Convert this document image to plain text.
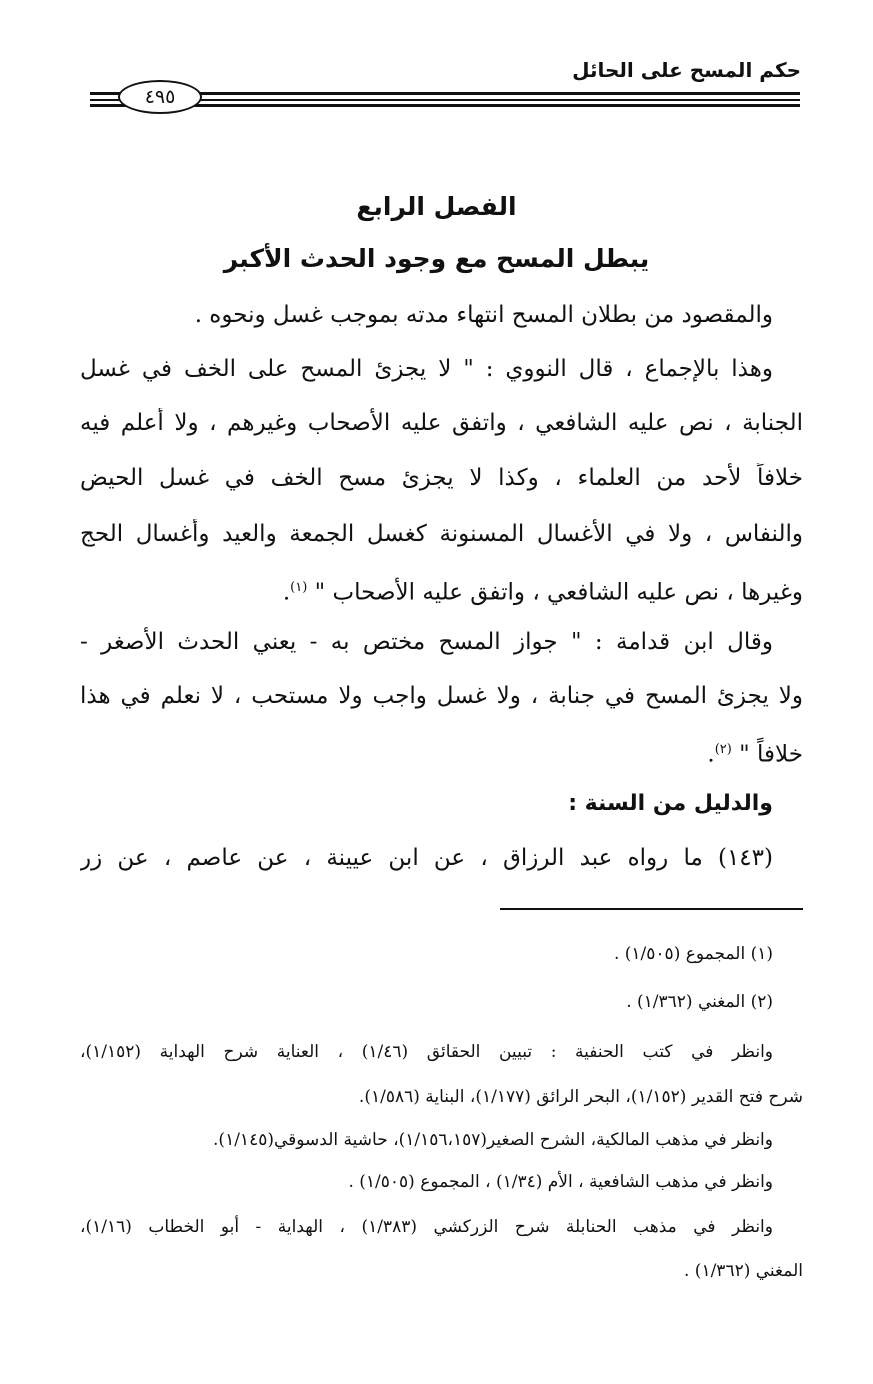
حكم المسح على الحائل
٤٩٥
الفصل الرابع
يبطل المسح مع وجود الحدث الأكبر
والمقصود من بطلان المسح انتهاء مدته بموجب غسل ونحوه .
وهذا بالإجماع ، قال النووي : " لا يجزئ المسح على الخف في غسل
الجنابة ، نص عليه الشافعي ، واتفق عليه الأصحاب وغيرهم ، ولا أعلم فيه
خلافاً لأحد من العلماء ، وكذا لا يجزئ مسح الخف في غسل الحيض
والنفاس ، ولا في الأغسال المسنونة كغسل الجمعة والعيد وأغسال الحج
وغيرها ، نص عليه الشافعي ، واتفق عليه الأصحاب " $^{(١)}$.
وقال ابن قدامة : " جواز المسح مختص به - يعني الحدث الأصغر -
ولا يجزئ المسح في جنابة ، ولا غسل واجب ولا مستحب ، لا نعلم في هذا
خلافاً " $^{(٢)}$.
والدليل من السنة :
(١٤٣) ما رواه عبد الرزاق ، عن ابن عيينة ، عن عاصم ، عن زر
(١) المجموع (١/٥٠٥) .
(٢) المغني (١/٣٦٢) .
وانظر في كتب الحنفية : تبيين الحقائق (١/٤٦) ، العناية شرح الهداية (١/١٥٢)،
شرح فتح القدير (١/١٥٢)، البحر الرائق (١/١٧٧)، البناية (١/٥٨٦).
وانظر في مذهب المالكية، الشرح الصغير(١/١٥٦،١٥٧)، حاشية الدسوقي(١/١٤٥).
وانظر في مذهب الشافعية ، الأم (١/٣٤) ، المجموع (١/٥٠٥) .
وانظر في مذهب الحنابلة شرح الزركشي (١/٣٨٣) ، الهداية - أبو الخطاب (١/١٦)،
المغني (١/٣٦٢) .
